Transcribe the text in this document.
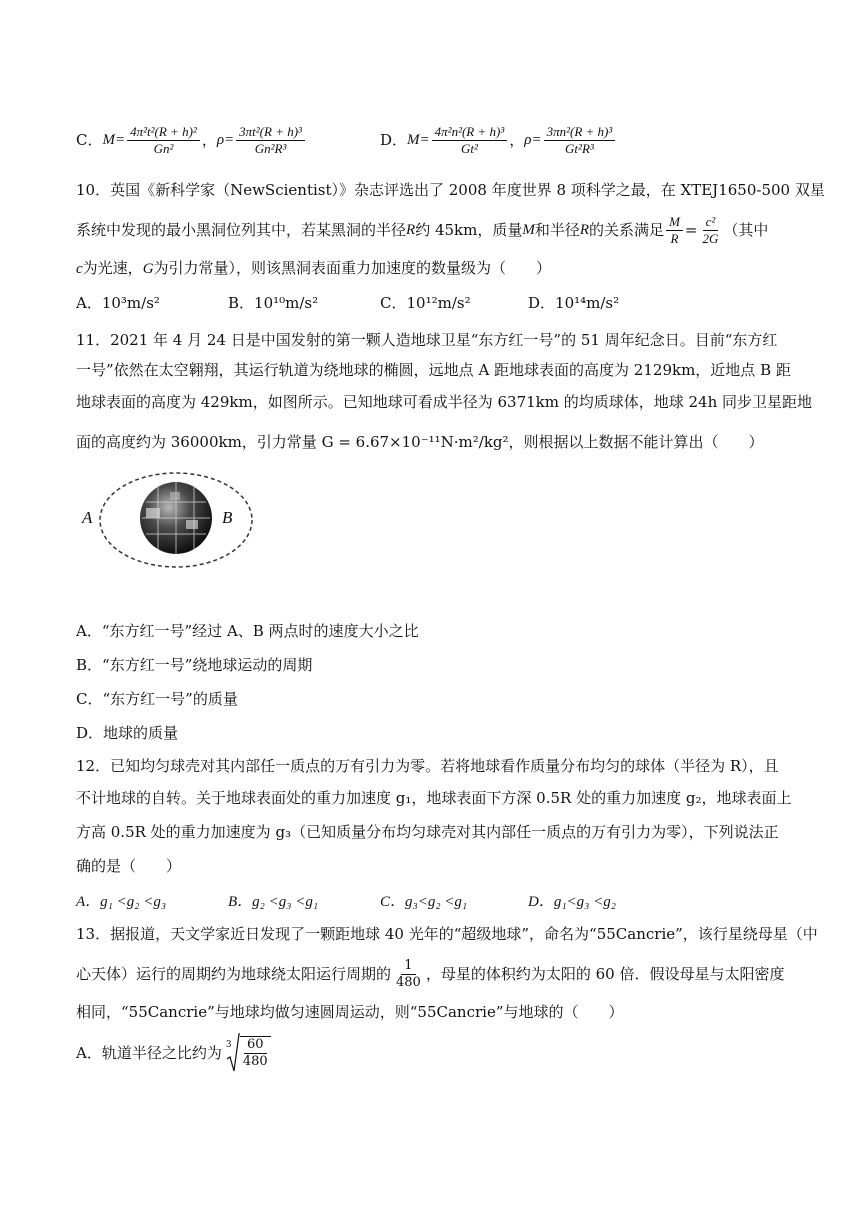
C． $M= \frac{\text{4π²t²(R + h)²}}{\text{Gn²}}$ ， $\rho= \frac{\text{3πt²(R + h)³}}{\text{Gn²R³}}$	D． $M= \frac{\text{4π²n²(R + h)³}}{\text{Gt²}}$ ， $\rho= \frac{\text{3πn²(R + h)³}}{\text{Gt²R³}}$
10．英国《新科学家（NewScientist）》杂志评选出了 2008 年度世界 8 项科学之最，在 XTEJ1650-500 双星
系统中发现的最小黑洞位列其中，若某黑洞的半径 R 约 45km，质量 M 和半径 R 的关系满足 $\frac{M}{R} = \frac{\text{c²}}{2G}$ （其中
c为光速，G为引力常量），则该黑洞表面重力加速度的数量级为（　　）
A．10³m/s²	B．10¹⁰m/s²	C．10¹²m/s²	D．10¹⁴m/s²
11．2021 年 4 月 24 日是中国发射的第一颗人造地球卫星“东方红一号”的 51 周年纪念日。目前“东方红
一号”依然在太空翱翔，其运行轨道为绕地球的椭圆，远地点 A 距地球表面的高度为 2129km，近地点 B 距
地球表面的高度为 429km，如图所示。已知地球可看成半径为 6371km 的均质球体，地球 24h 同步卫星距地
面的高度约为 36000km，引力常量 G = 6.67×10⁻¹¹N·m²/kg²，则根据以上数据不能计算出（　　）
A	B
A．“东方红一号”经过 A、B 两点时的速度大小之比
B．“东方红一号”绕地球运动的周期
C．“东方红一号”的质量
D．地球的质量
12．已知均匀球壳对其内部任一质点的万有引力为零。若将地球看作质量分布均匀的球体（半径为 R），且
不计地球的自转。关于地球表面处的重力加速度 g₁，地球表面下方深 0.5R 处的重力加速度 g₂，地球表面上
方高 0.5R 处的重力加速度为 g₃（已知质量分布均匀球壳对其内部任一质点的万有引力为零），下列说法正
确的是（　　）
A．g₁ <g₂ <g₃	B．g₂ <g₃ <g₁	C．g₃<g₂ <g₁	D．g₁<g₃ <g₂
13．据报道，天文学家近日发现了一颗距地球 40 光年的“超级地球”，命名为“55Cancrie”，该行星绕母星（中
心天体）运行的周期约为地球绕太阳运行周期的 $\frac{1}{480}$ ，母星的体积约为太阳的 60 倍．假设母星与太阳密度
相同，“55Cancrie”与地球均做匀速圆周运动，则“55Cancrie”与地球的（　　）
A．轨道半径之比约为 $3 \frac{60}{480}$
